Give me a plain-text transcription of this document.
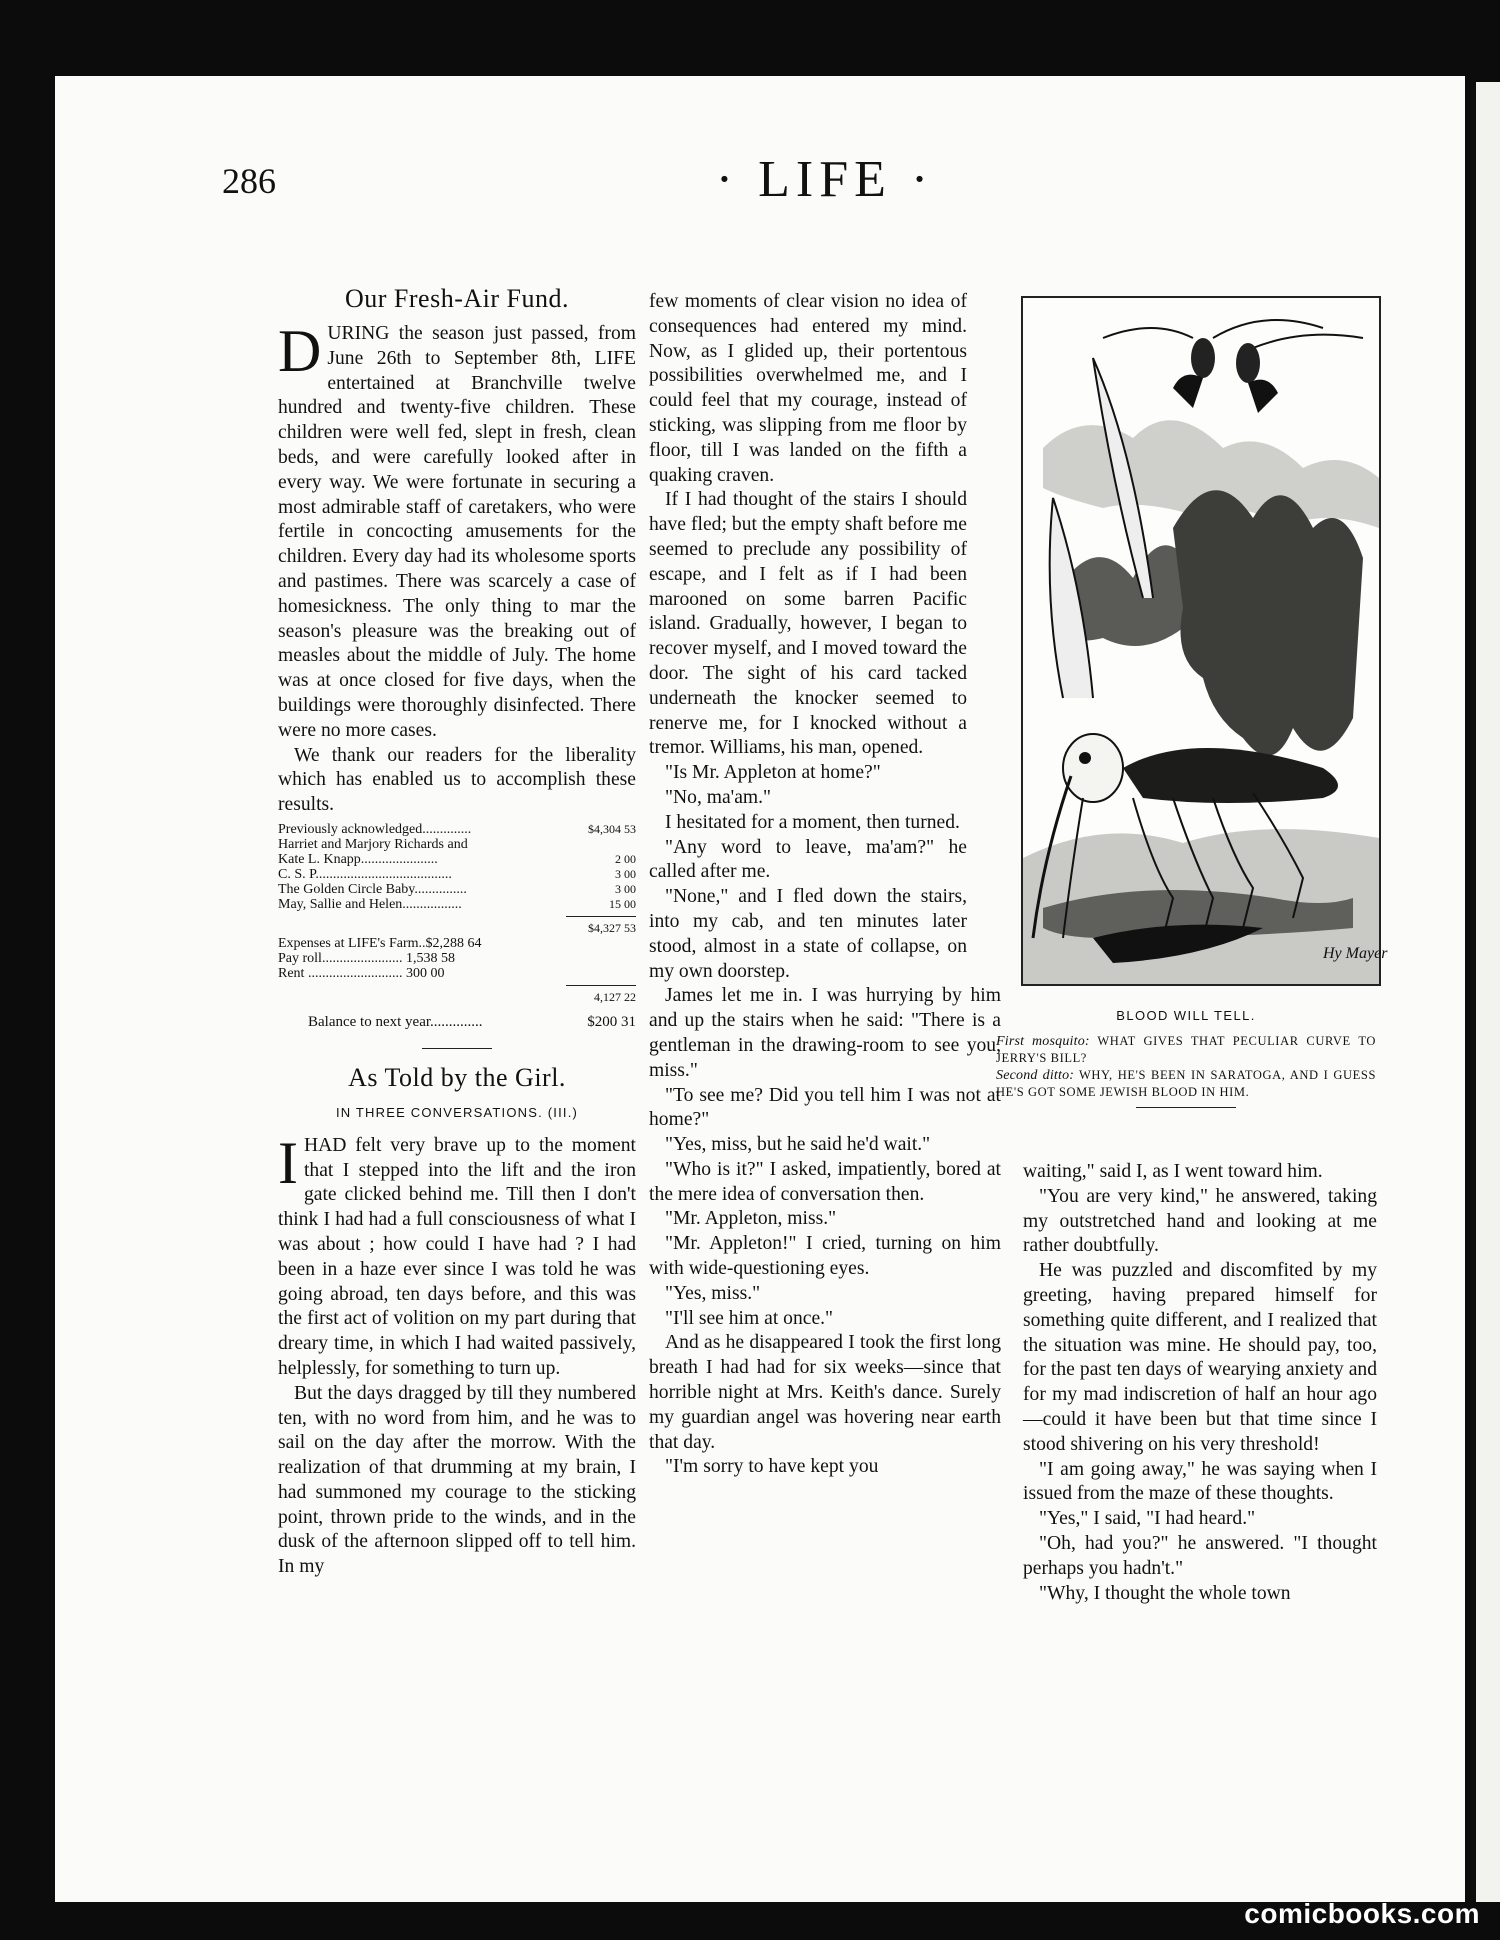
286	· LIFE ·
Our Fresh-Air Fund.

DURING the season just passed, from June 26th to September 8th, LIFE entertained at Branchville twelve hundred and twenty-five children. These children were well fed, slept in fresh, clean beds, and were carefully looked after in every way. We were fortunate in securing a most admirable staff of caretakers, who were fertile in concocting amusements for the children. Every day had its wholesome sports and pastimes. There was scarcely a case of homesickness. The only thing to mar the season's pleasure was the breaking out of measles about the middle of July. The home was at once closed for five days, when the buildings were thoroughly disinfected. There were no more cases.

We thank our readers for the liberality which has enabled us to accomplish these results.

Previously acknowledged..............	$4,304 53
Harriet and Marjory Richards and
Kate L. Knapp......................	2 00
C. S. P.......................................	3 00
The Golden Circle Baby...............	3 00
May, Sallie and Helen.................	15 00
$4,327 53
Expenses at LIFE's Farm..$2,288 64
Pay roll....................... 1,538 58
Rent ........................... 300 00
4,127 22
Balance to next year..............	$200 31
As Told by the Girl.
IN THREE CONVERSATIONS. (III.)

IHAD felt very brave up to the moment that I stepped into the lift and the iron gate clicked behind me. Till then I don't think I had had a full consciousness of what I was about ; how could I have had ? I had been in a haze ever since I was told he was going abroad, ten days before, and this was the first act of volition on my part during that dreary time, in which I had waited passively, helplessly, for something to turn up.

But the days dragged by till they numbered ten, with no word from him, and he was to sail on the day after the morrow. With the realization of that drumming at my brain, I had summoned my courage to the sticking point, thrown pride to the winds, and in the dusk of the afternoon slipped off to tell him. In my

few moments of clear vision no idea of consequences had entered my mind. Now, as I glided up, their portentous possibilities overwhelmed me, and I could feel that my courage, instead of sticking, was slipping from me floor by floor, till I was landed on the fifth a quaking craven.

If I had thought of the stairs I should have fled; but the empty shaft before me seemed to preclude any possibility of escape, and I felt as if I had been marooned on some barren Pacific island. Gradually, however, I began to recover myself, and I moved toward the door. The sight of his card tacked underneath the knocker seemed to renerve me, for I knocked without a tremor. Williams, his man, opened.

"Is Mr. Appleton at home?"

"No, ma'am."

I hesitated for a moment, then turned.

"Any word to leave, ma'am?" he called after me.

"None," and I fled down the stairs, into my cab, and ten minutes later stood, almost in a state of collapse, on my own doorstep.

James let me in. I was hurrying by him and up the stairs when he said: "There is a gentleman in the drawing-room to see you, miss."

"To see me? Did you tell him I was not at home?"

"Yes, miss, but he said he'd wait."

"Who is it?" I asked, impatiently, bored at the mere idea of conversation then.

"Mr. Appleton, miss."

"Mr. Appleton!" I cried, turning on him with wide-questioning eyes.

"Yes, miss."

"I'll see him at once."

And as he disappeared I took the first long breath I had had for six weeks—since that horrible night at Mrs. Keith's dance. Surely my guardian angel was hovering near earth that day.

"I'm sorry to have kept you

Hy Mayer
BLOOD WILL TELL.
First mosquito: WHAT GIVES THAT PECULIAR CURVE TO JERRY'S BILL?
Second ditto: WHY, HE'S BEEN IN SARATOGA, AND I GUESS HE'S GOT SOME JEWISH BLOOD IN HIM.

waiting," said I, as I went toward him.

"You are very kind," he answered, taking my outstretched hand and looking at me rather doubtfully.

He was puzzled and discomfited by my greeting, having prepared himself for something quite different, and I realized that the situation was mine. He should pay, too, for the past ten days of wearying anxiety and for my mad indiscretion of half an hour ago—could it have been but that time since I stood shivering on his very threshold!

"I am going away," he was saying when I issued from the maze of these thoughts.

"Yes," I said, "I had heard."

"Oh, had you?" he answered. "I thought perhaps you hadn't."

"Why, I thought the whole town

comicbooks.com
